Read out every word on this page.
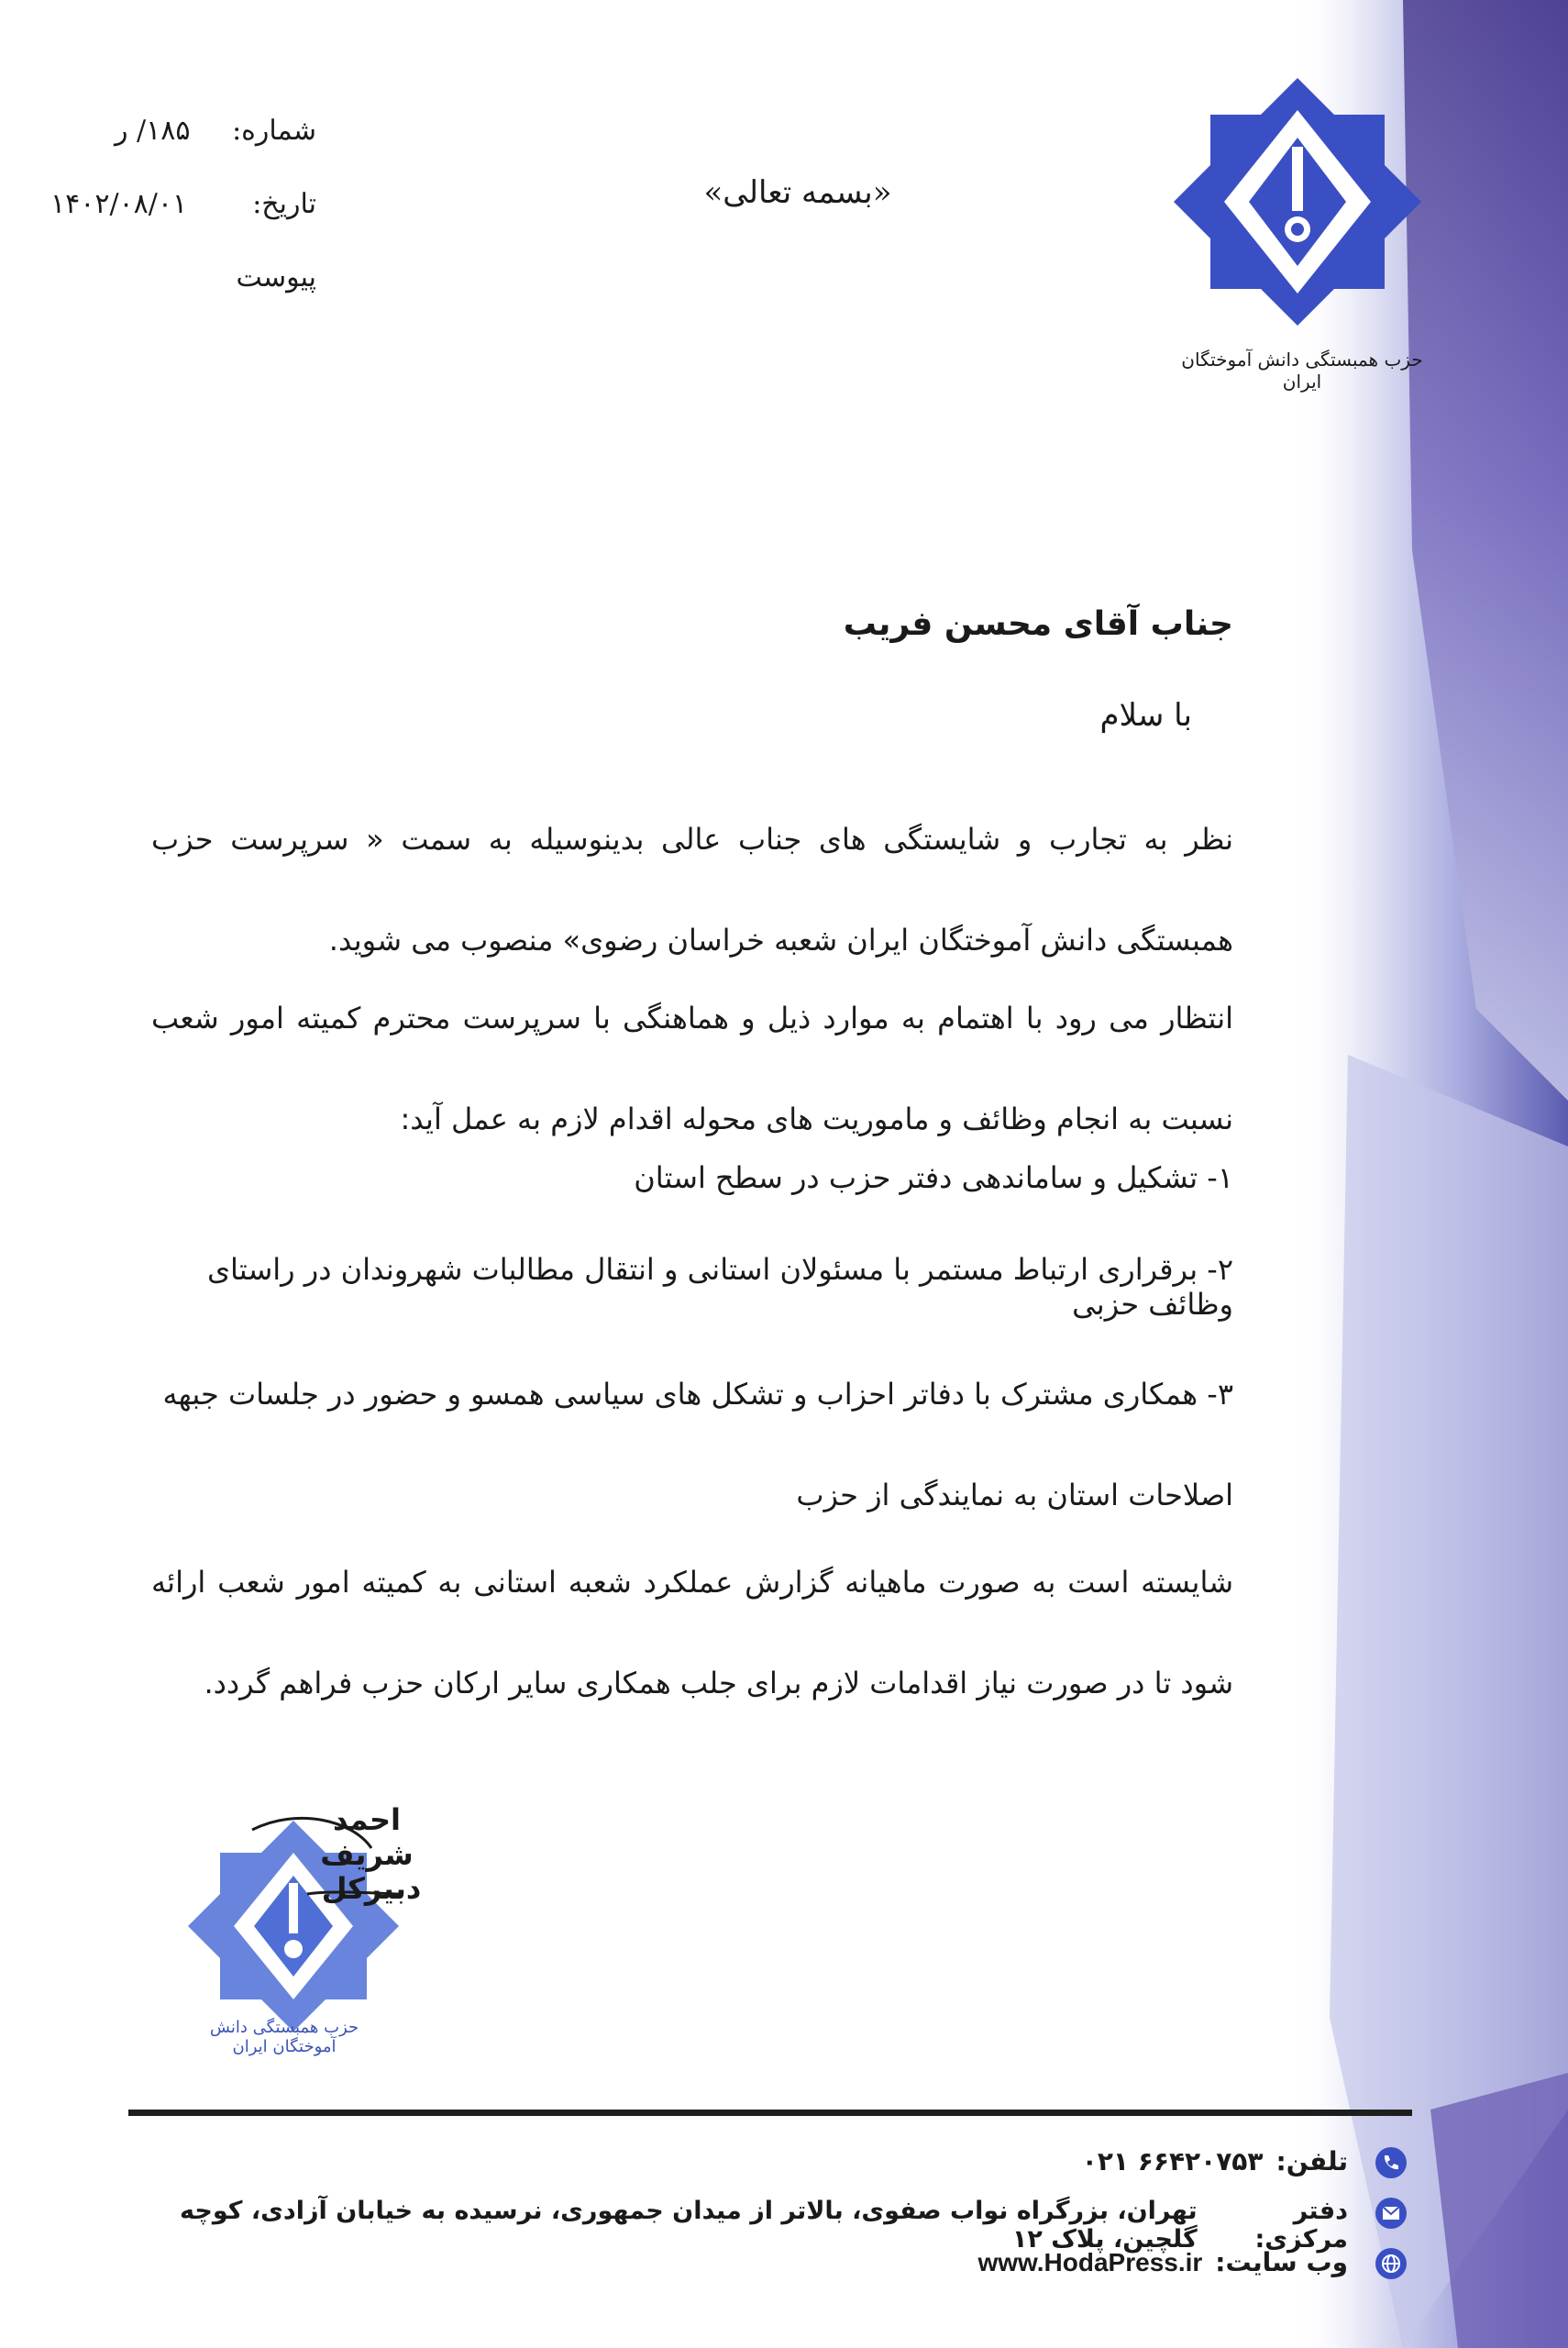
شماره:
۱۸۵/ ر
تاریخ:
۱۴۰۲/۰۸/۰۱
پیوست
«بسمه تعالی»
حزب همبستگی دانش آموختگان ایران
جناب آقای محسن فریب
با سلام
نظر به تجارب و شایستگی های جناب عالی بدینوسیله به سمت « سرپرست حزب همبستگی دانش آموختگان ایران شعبه خراسان رضوی» منصوب می شوید.
انتظار می رود با اهتمام به موارد ذیل و هماهنگی با سرپرست محترم کمیته امور شعب نسبت به انجام وظائف و ماموریت های محوله اقدام لازم به عمل آید:
۱- تشکیل و ساماندهی دفتر حزب در سطح استان
۲- برقراری ارتباط مستمر با مسئولان استانی و انتقال مطالبات شهروندان در راستای وظائف حزبی
۳- همکاری مشترک با دفاتر احزاب و تشکل های سیاسی همسو و حضور در جلسات جبهه اصلاحات استان به نمایندگی از حزب
شایسته است به صورت ماهیانه گزارش عملکرد شعبه استانی به کمیته امور شعب ارائه شود تا در صورت نیاز اقدامات لازم برای جلب همکاری سایر ارکان حزب فراهم گردد.
حزب همبستگی دانش آموختگان ایران
احمد شریف
دبیرکل
تلفن:
۰۲۱ ۶۶۴۲۰۷۵۳
دفتر مرکزی:
تهران، بزرگراه نواب صفوی، بالاتر از میدان جمهوری، نرسیده به خیابان آزادی، کوچه گلچین، پلاک ۱۲
وب سایت:
www.HodaPress.ir
